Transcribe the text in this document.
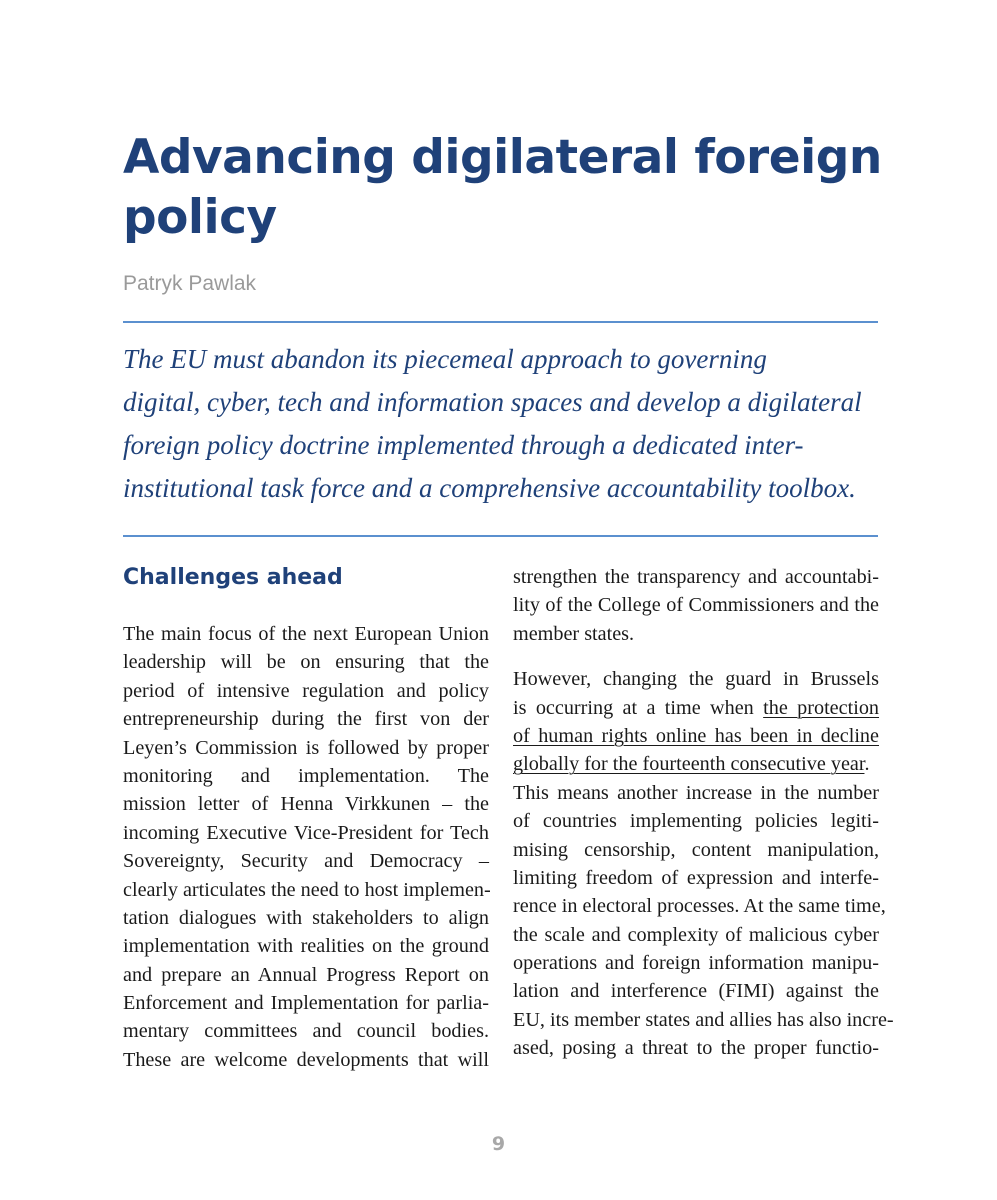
Advancing digilateral foreign policy
Patryk Pawlak
The EU must abandon its piecemeal approach to governing
digital, cyber, tech and information spaces and develop a digilateral
foreign policy doctrine implemented through a dedicated inter-
institutional task force and a comprehensive accountability toolbox.
Challenges ahead
The main focus of the next European Union
leadership will be on ensuring that the
period of intensive regulation and policy
entrepreneurship during the first von der
Leyen’s Commission is followed by proper
monitoring and implementation. The
mission letter of Henna Virkkunen – the
incoming Executive Vice-President for Tech
Sovereignty, Security and Democracy –
clearly articulates the need to host implemen-
tation dialogues with stakeholders to align
implementation with realities on the ground
and prepare an Annual Progress Report on
Enforcement and Implementation for parlia-
mentary committees and council bodies.
These are welcome developments that will
strengthen the transparency and accountabi-
lity of the College of Commissioners and the
member states.
However, changing the guard in Brussels
is occurring at a time when the protection
of human rights online has been in decline
globally for the fourteenth consecutive year.
This means another increase in the number
of countries implementing policies legiti-
mising censorship, content manipulation,
limiting freedom of expression and interfe-
rence in electoral processes. At the same time,
the scale and complexity of malicious cyber
operations and foreign information manipu-
lation and interference (FIMI) against the
EU, its member states and allies has also incre-
ased, posing a threat to the proper functio-
9
